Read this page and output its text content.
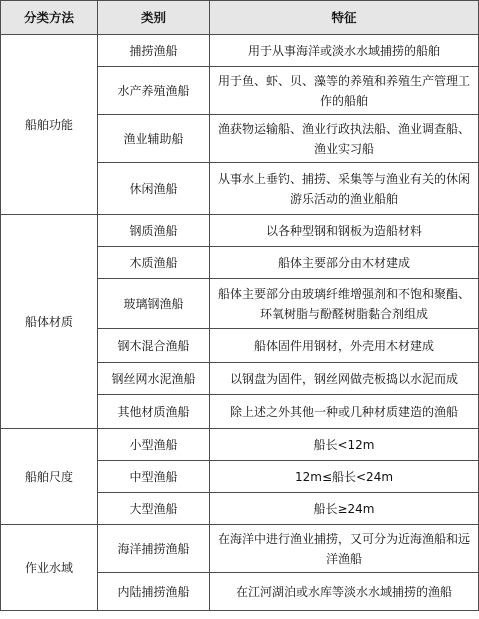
分类方法	类别	特征
船舶功能	捕捞渔船	用于从事海洋或淡水水域捕捞的船舶
	水产养殖渔船	用于鱼、虾、贝、藻等的养殖和养殖生产管理工作的船舶
	渔业辅助船	渔获物运输船、渔业行政执法船、渔业调查船、渔业实习船
	休闲渔船	从事水上垂钓、捕捞、采集等与渔业有关的休闲游乐活动的渔业船舶
船体材质	钢质渔船	以各种型钢和钢板为造船材料
	木质渔船	船体主要部分由木材建成
	玻璃钢渔船	船体主要部分由玻璃纤维增强剂和不饱和聚酯、环氧树脂与酚醛树脂黏合剂组成
	钢木混合渔船	船体固件用钢材，外壳用木材建成
	钢丝网水泥渔船	以钢盘为固件，钢丝网做壳板捣以水泥而成
	其他材质渔船	除上述之外其他一种或几种材质建造的渔船
船舶尺度	小型渔船	船长<12m
	中型渔船	12m≤船长<24m
	大型渔船	船长≥24m
作业水域	海洋捕捞渔船	在海洋中进行渔业捕捞，又可分为近海渔船和远洋渔船
	内陆捕捞渔船	在江河湖泊或水库等淡水水域捕捞的渔船
